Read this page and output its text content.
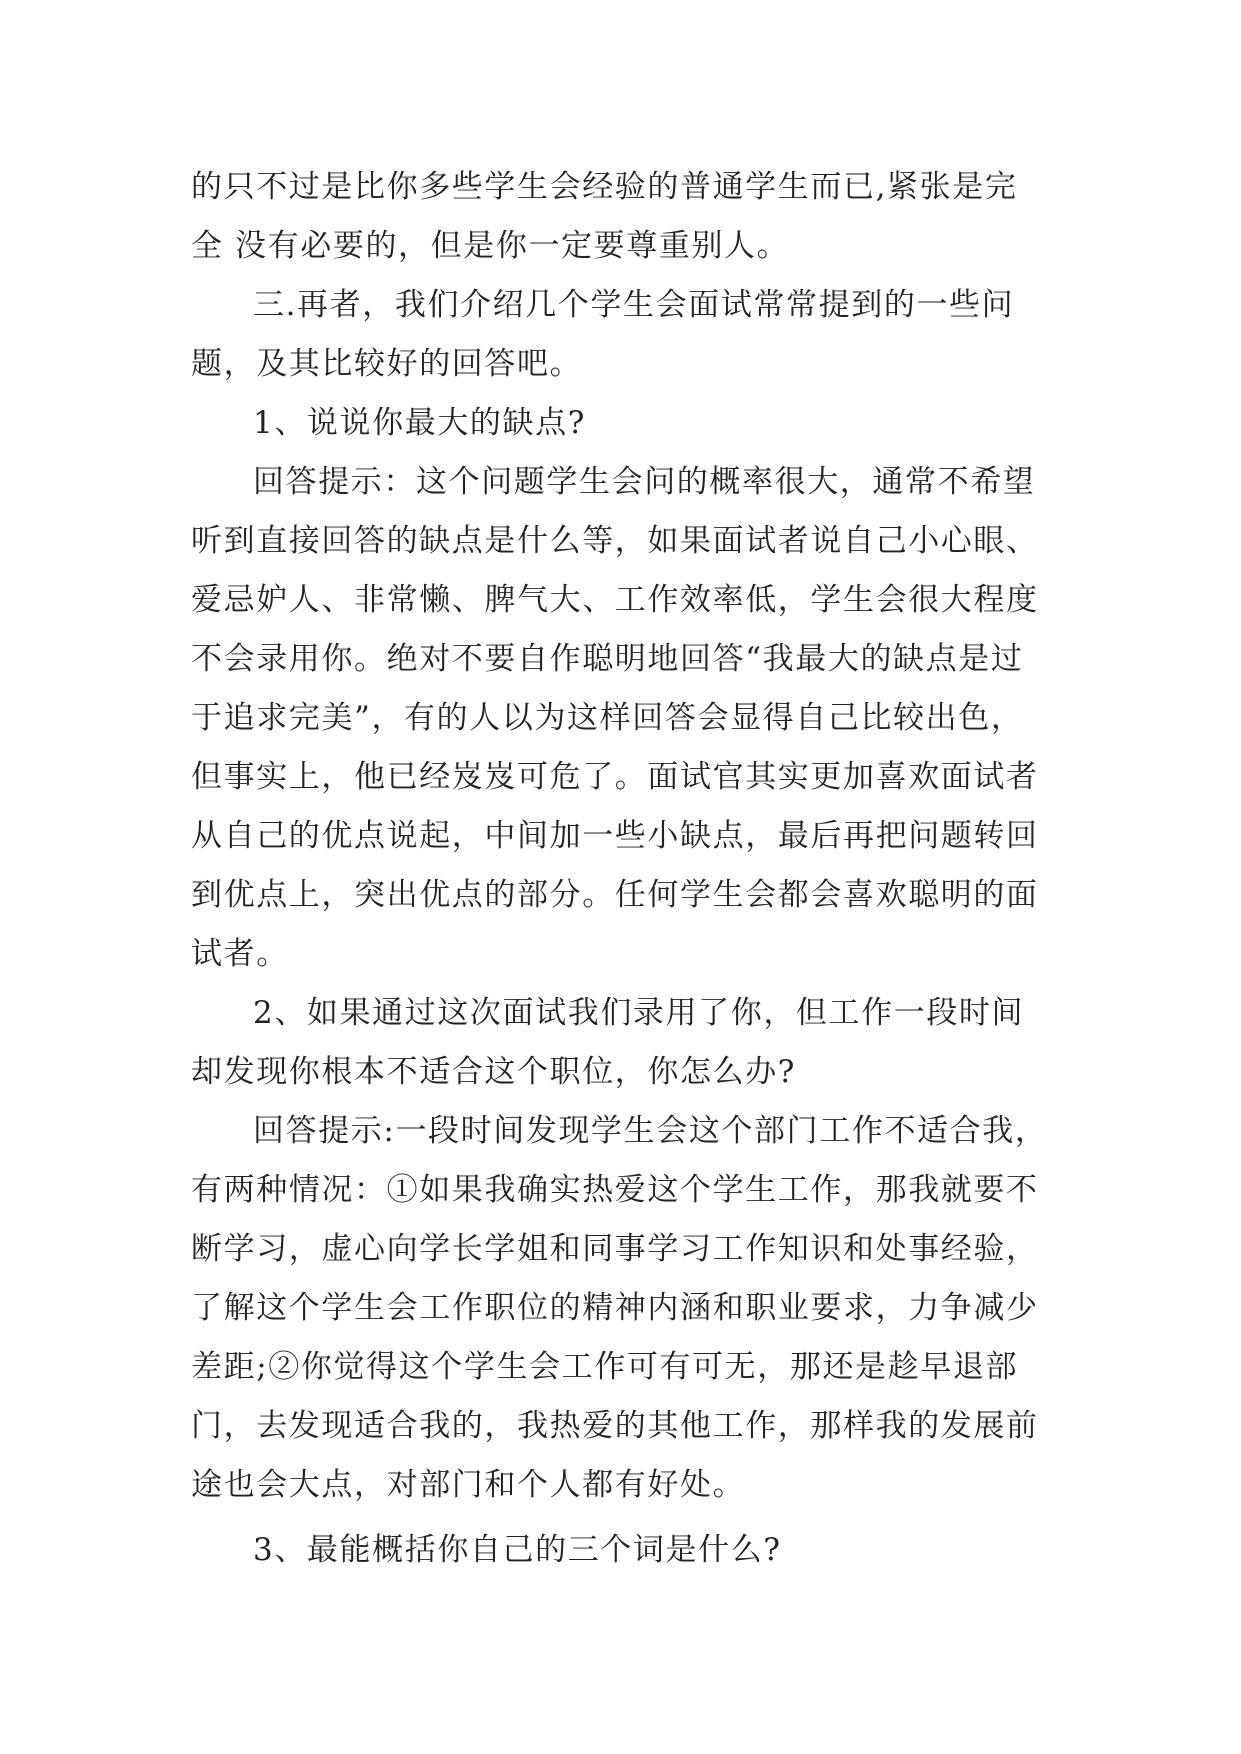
的只不过是比你多些学生会经验的普通学生而已,紧张是完
全 没有必要的，但是你一定要尊重别人。
三.再者，我们介绍几个学生会面试常常提到的一些问
题，及其比较好的回答吧。
1、说说你最大的缺点?
回答提示：这个问题学生会问的概率很大，通常不希望
听到直接回答的缺点是什么等，如果面试者说自己小心眼、
爱忌妒人、非常懒、脾气大、工作效率低，学生会很大程度
不会录用你。绝对不要自作聪明地回答“我最大的缺点是过
于追求完美”，有的人以为这样回答会显得自己比较出色，
但事实上，他已经岌岌可危了。面试官其实更加喜欢面试者
从自己的优点说起，中间加一些小缺点，最后再把问题转回
到优点上，突出优点的部分。任何学生会都会喜欢聪明的面
试者。
2、如果通过这次面试我们录用了你，但工作一段时间
却发现你根本不适合这个职位，你怎么办?
回答提示:一段时间发现学生会这个部门工作不适合我，
有两种情况：①如果我确实热爱这个学生工作，那我就要不
断学习，虚心向学长学姐和同事学习工作知识和处事经验，
了解这个学生会工作职位的精神内涵和职业要求，力争减少
差距;②你觉得这个学生会工作可有可无，那还是趁早退部
门，去发现适合我的，我热爱的其他工作，那样我的发展前
途也会大点，对部门和个人都有好处。
3、最能概括你自己的三个词是什么?
